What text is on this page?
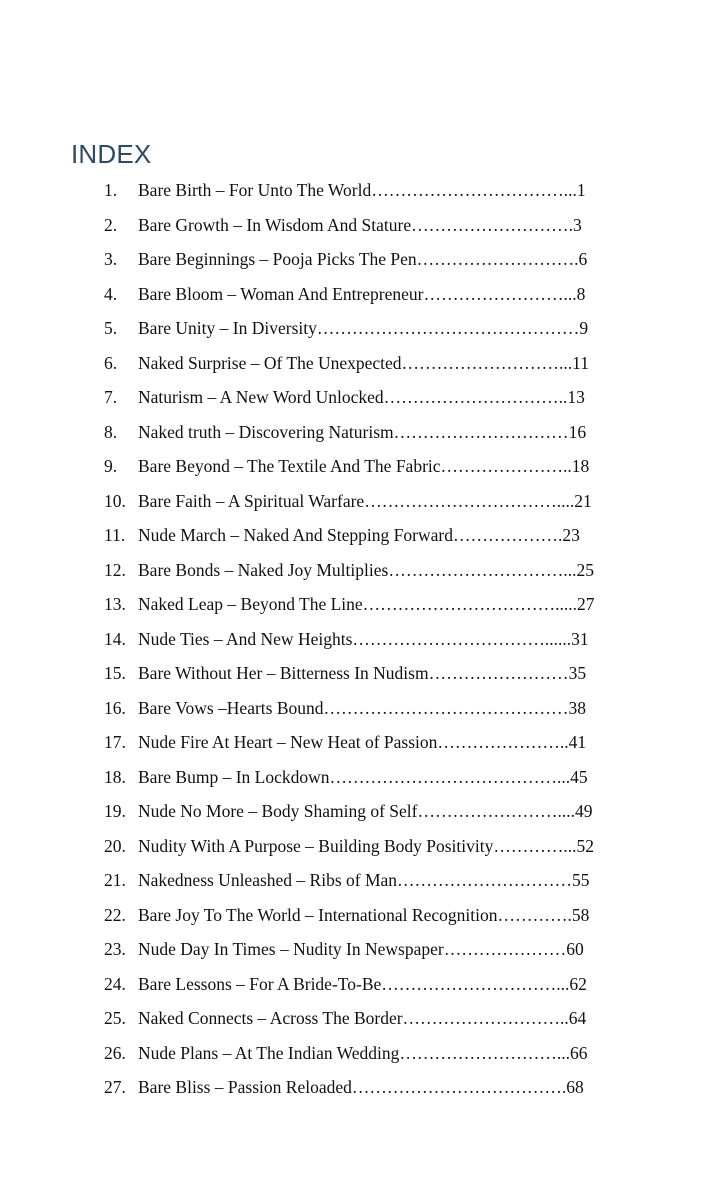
INDEX
1. Bare Birth – For Unto The World……………………………...1
2. Bare Growth – In Wisdom And Stature……………………….3
3. Bare Beginnings – Pooja Picks The Pen……………………….6
4. Bare Bloom – Woman And Entrepreneur……………………...8
5. Bare Unity – In Diversity………………………………………9
6. Naked Surprise – Of The Unexpected………………………...11
7. Naturism – A New Word Unlocked…………………………..13
8. Naked truth – Discovering Naturism…………………………16
9. Bare Beyond – The Textile And The Fabric…………………..18
10. Bare Faith – A Spiritual Warfare……………………………....21
11. Nude March – Naked And Stepping Forward……………….23
12. Bare Bonds – Naked Joy Multiplies…………………………...25
13. Naked Leap – Beyond The Line…………………………….....27
14. Nude Ties – And New Heights……………………………......31
15. Bare Without Her – Bitterness In Nudism……………………35
16. Bare Vows –Hearts Bound……………………………………38
17. Nude Fire At Heart – New Heat of Passion…………………..41
18. Bare Bump – In Lockdown…………………………………...45
19. Nude No More – Body Shaming of Self……………………....49
20. Nudity With A Purpose – Building Body Positivity…………...52
21. Nakedness Unleashed – Ribs of Man…………………………55
22. Bare Joy To The World – International Recognition………….58
23. Nude Day In Times – Nudity In Newspaper…………………60
24. Bare Lessons – For A Bride-To-Be…………………………...62
25. Naked Connects – Across The Border………………………..64
26. Nude Plans – At The Indian Wedding………………………...66
27. Bare Bliss – Passion Reloaded……………………………….68
